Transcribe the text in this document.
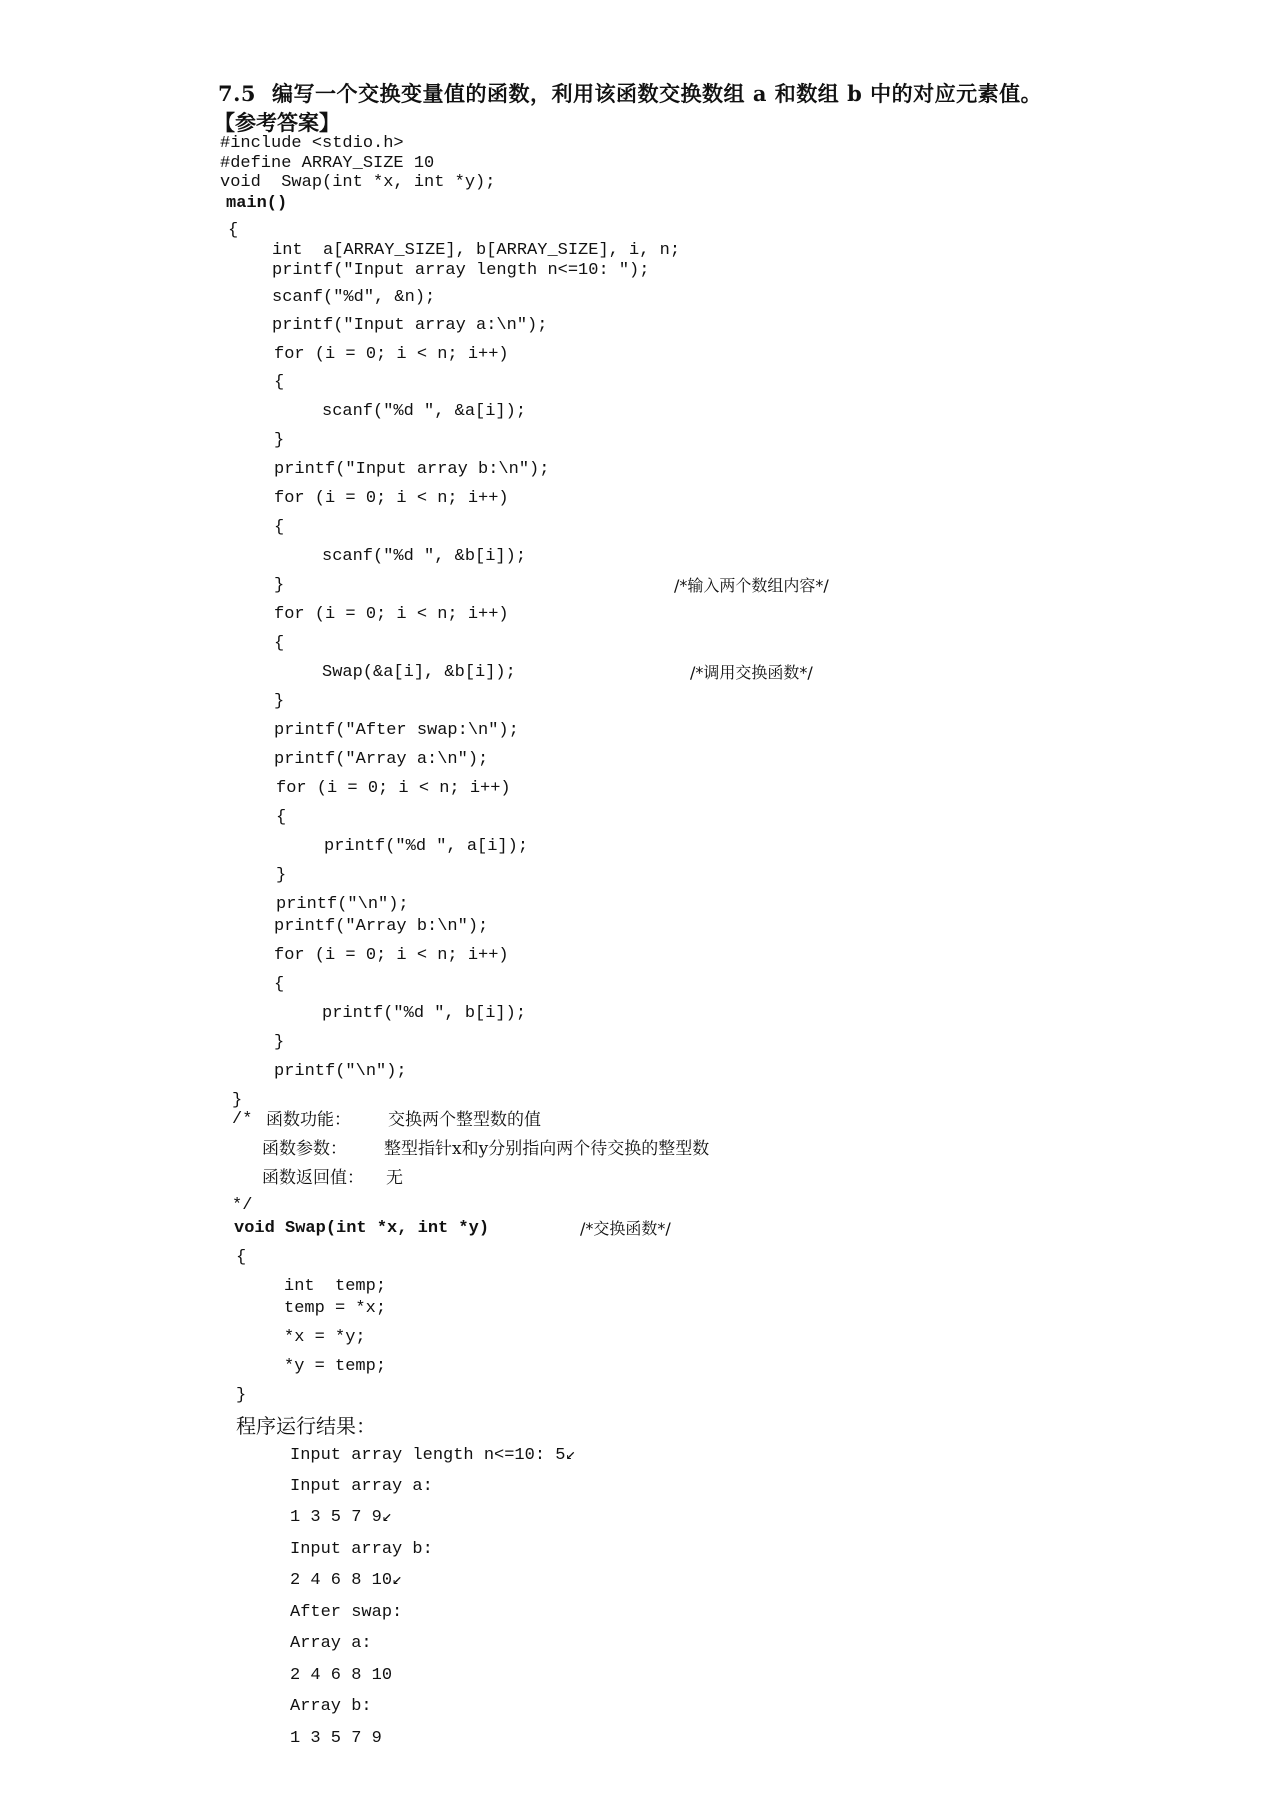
7.5 编写一个交换变量值的函数，利用该函数交换数组 a 和数组 b 中的对应元素值。
【参考答案】
#include <stdio.h>
#define ARRAY_SIZE 10
void  Swap(int *x, int *y);
main()
{
int  a[ARRAY_SIZE], b[ARRAY_SIZE], i, n;
printf("Input array length n<=10: ");
scanf("%d", &n);
printf("Input array a:\n");
for (i = 0; i < n; i++)
{
scanf("%d ", &a[i]);
}
printf("Input array b:\n");
for (i = 0; i < n; i++)
{
scanf("%d ", &b[i]);
}	/*输入两个数组内容*/
for (i = 0; i < n; i++)
{
Swap(&a[i], &b[i]);	/*调用交换函数*/
}
printf("After swap:\n");
printf("Array a:\n");
for (i = 0; i < n; i++)
{
printf("%d ", a[i]);
}
printf("\n");
printf("Array b:\n");
for (i = 0; i < n; i++)
{
printf("%d ", b[i]);
}
printf("\n");
}
/* 函数功能： 交换两个整型数的值
函数参数： 整型指针x和y分别指向两个待交换的整型数
函数返回值： 无
*/
void Swap(int *x, int *y)	/*交换函数*/
{
int  temp;
temp = *x;
*x = *y;
*y = temp;
}
程序运行结果：
Input array length n<=10: 5↙
Input array a:
1 3 5 7 9↙
Input array b:
2 4 6 8 10↙
After swap:
Array a:
2 4 6 8 10
Array b:
1 3 5 7 9
